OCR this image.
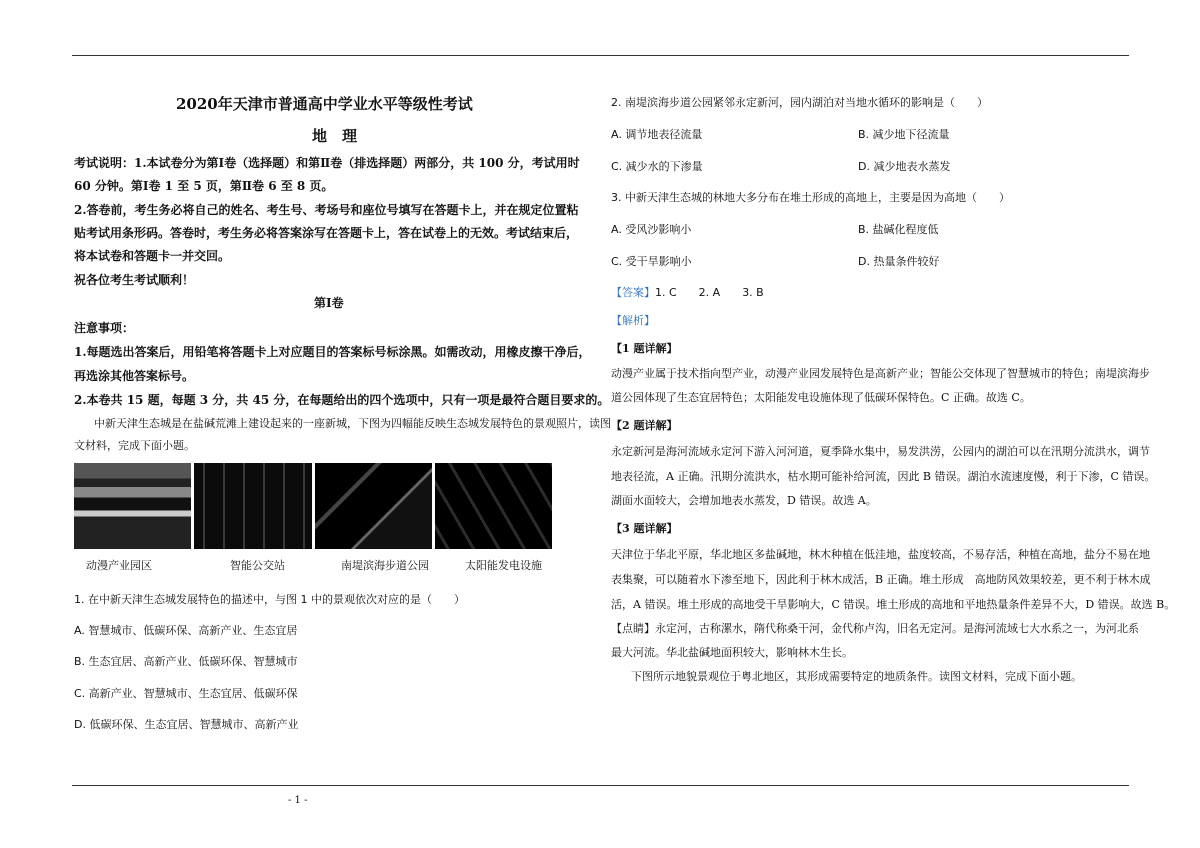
- 1 -
2020年天津市普通高中学业水平等级性考试
地　理
考试说明：1.本试卷分为第Ⅰ卷（选择题）和第Ⅱ卷（排选择题）两部分，共 100 分，考试用时
60 分钟。第Ⅰ卷 1 至 5 页，第Ⅱ卷 6 至 8 页。
2.答卷前，考生务必将自己的姓名、考生号、考场号和座位号填写在答题卡上，并在规定位置粘
贴考试用条形码。答卷时，考生务必将答案涂写在答题卡上，答在试卷上的无效。考试结束后，
将本试卷和答题卡一并交回。
祝各位考生考试顺利！
第Ⅰ卷
注意事项：
1.每题选出答案后，用铅笔将答题卡上对应题目的答案标号标涂黑。如需改动，用橡皮擦干净后，
再选涂其他答案标号。
2.本卷共 15 题，每题 3 分，共 45 分，在每题给出的四个选项中，只有一项是最符合题目要求的。
中新天津生态城是在盐碱荒滩上建设起来的一座新城，下图为四幅能反映生态城发展特色的景观照片，读图
文材料，完成下面小题。
动漫产业园区	智能公交站	南堤滨海步道公园	太阳能发电设施
1. 在中新天津生态城发展特色的描述中，与图 1 中的景观依次对应的是（　　）
A. 智慧城市、低碳环保、高新产业、生态宜居
B. 生态宜居、高新产业、低碳环保、智慧城市
C. 高新产业、智慧城市、生态宜居、低碳环保
D. 低碳环保、生态宜居、智慧城市、高新产业
2. 南堤滨海步道公园紧邻永定新河，园内湖泊对当地水循环的影响是（　　）
A. 调节地表径流量	B. 减少地下径流量
C. 减少水的下渗量	D. 减少地表水蒸发
3. 中新天津生态城的林地大多分布在堆土形成的高地上，主要是因为高地（　　）
A. 受风沙影响小	B. 盐碱化程度低
C. 受干旱影响小	D. 热量条件较好
【答案】1. C　　2. A　　3. B
【解析】
【1 题详解】
动漫产业属于技术指向型产业，动漫产业园发展特色是高新产业；智能公交体现了智慧城市的特色；南堤滨海步
道公园体现了生态宜居特色；太阳能发电设施体现了低碳环保特色。C 正确。故选 C。
【2 题详解】
永定新河是海河流域永定河下游入河河道，夏季降水集中，易发洪涝，公园内的湖泊可以在汛期分流洪水，调节
地表径流，A 正确。汛期分流洪水，枯水期可能补给河流，因此 B 错误。湖泊水流速度慢，利于下渗，C 错误。
湖面水面较大，会增加地表水蒸发，D 错误。故选 A。
【3 题详解】
天津位于华北平原，华北地区多盐碱地，林木种植在低洼地，盐度较高，不易存活，种植在高地，盐分不易在地
表集聚，可以随着水下渗至地下，因此利于林木成活，B 正确。堆土形成　高地防风效果较差，更不利于林木成
活，A 错误。堆土形成的高地受干旱影响大，C 错误。堆土形成的高地和平地热量条件差异不大，D 错误。故选 B。
【点睛】永定河，古称漯水，隋代称桑干河，金代称卢沟，旧名无定河。是海河流域七大水系之一，为河北系
最大河流。华北盐碱地面积较大，影响林木生长。
下图所示地貌景观位于粤北地区，其形成需要特定的地质条件。读图文材料，完成下面小题。
